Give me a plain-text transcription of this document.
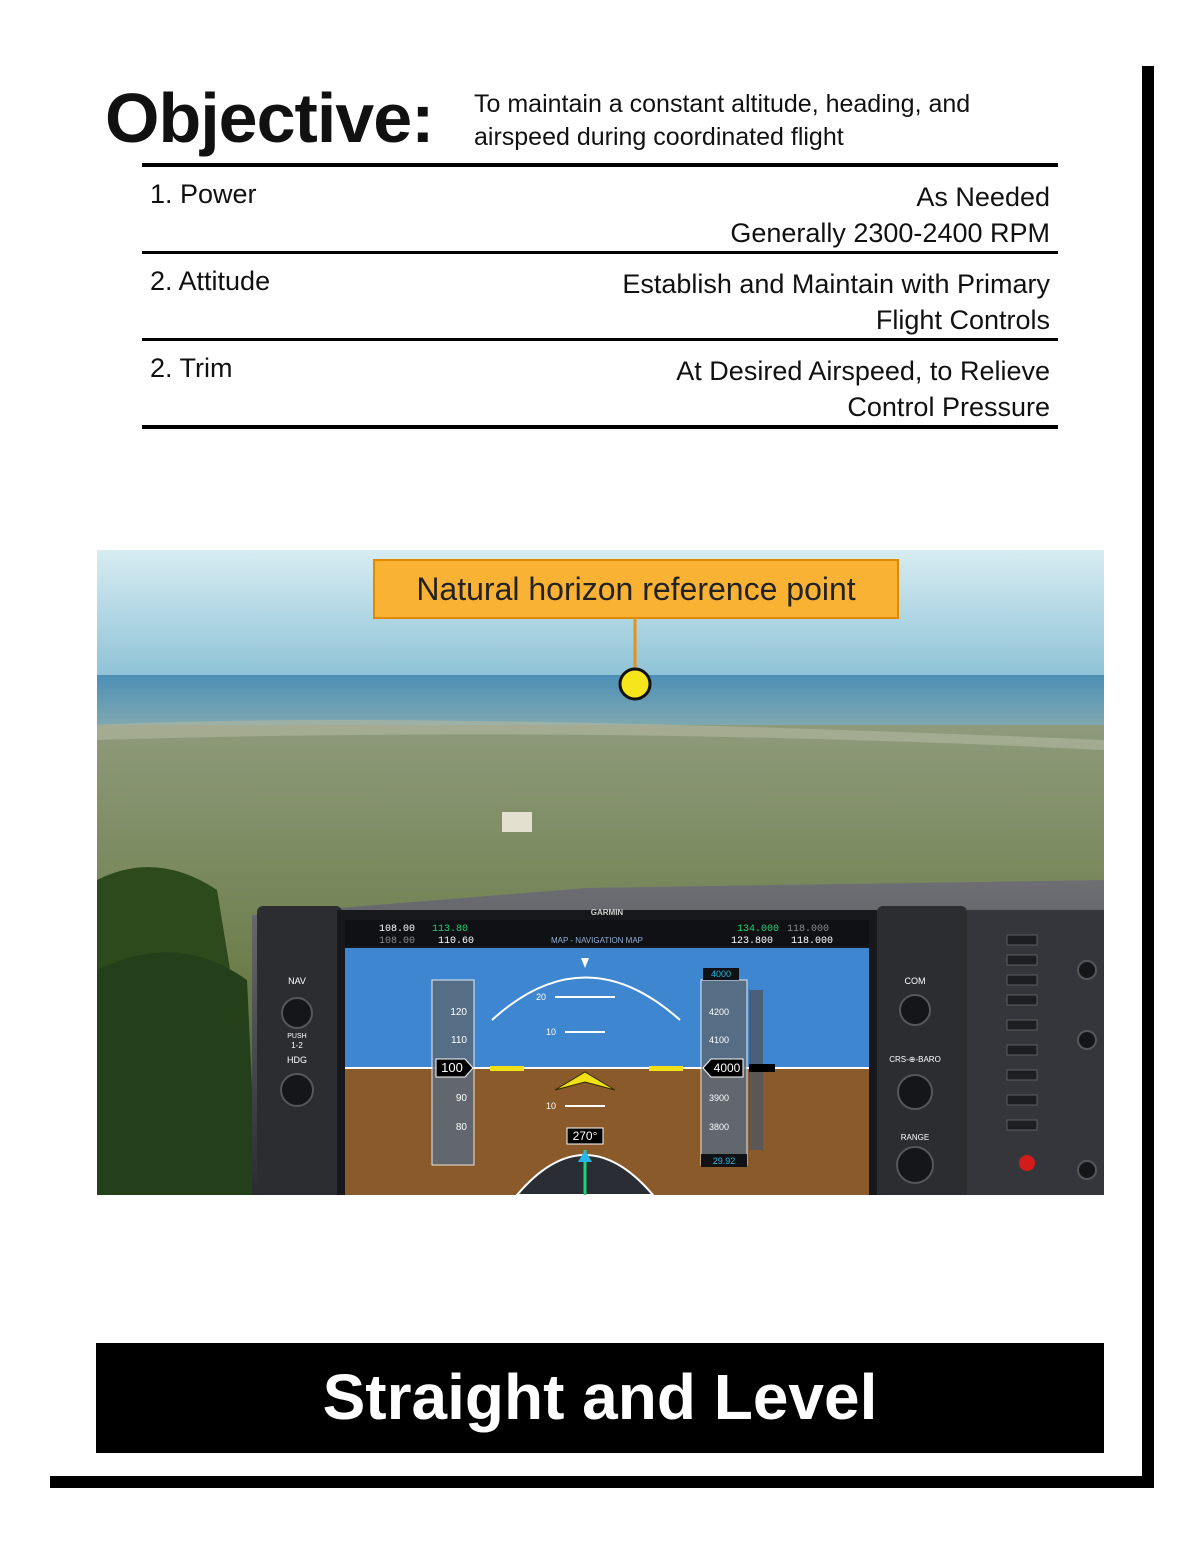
Objective: To maintain a constant altitude, heading, and airspeed during coordinated flight
1. Power	As Needed
Generally 2300-2400 RPM
2. Attitude	Establish and Maintain with Primary
Flight Controls
2. Trim	At Desired Airspeed, to Relieve
Control Pressure
GARMIN
108.00 113.80
108.00 110.60
134.000 118.000
123.800 118.000
MAP - NAVIGATION MAP
20
10
10
120
110
90
80
100
4000
4200
4100
3900
3800
4000
29.92
270°
NAV
PUSH
1-2
HDG
COM
CRS-⊕-BARO
RANGE
Natural horizon reference point
Straight and Level
